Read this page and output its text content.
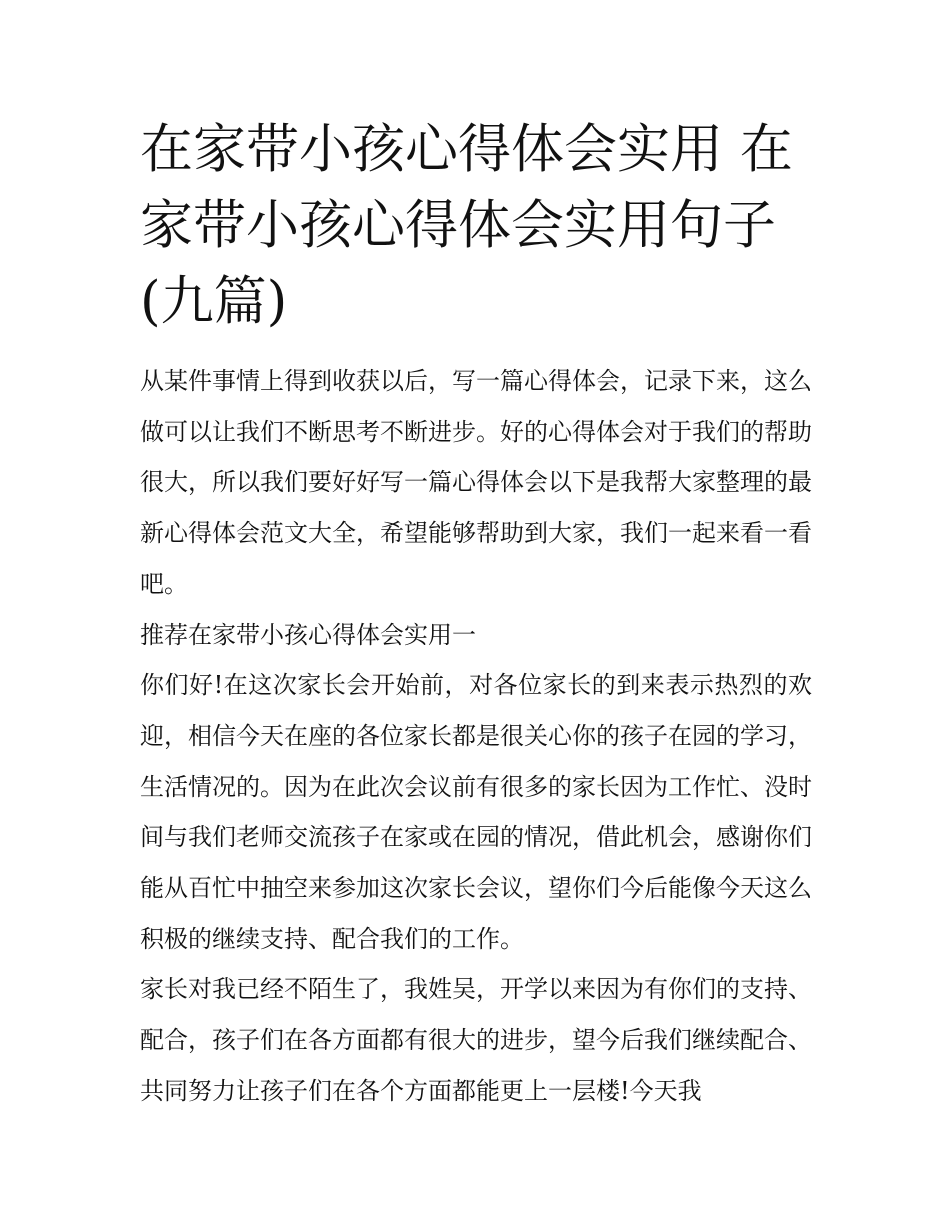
在家带小孩心得体会实用 在家带小孩心得体会实用句子(九篇)

从某件事情上得到收获以后，写一篇心得体会，记录下来，这么做可以让我们不断思考不断进步。好的心得体会对于我们的帮助很大，所以我们要好好写一篇心得体会以下是我帮大家整理的最新心得体会范文大全，希望能够帮助到大家，我们一起来看一看吧。

推荐在家带小孩心得体会实用一

你们好!在这次家长会开始前，对各位家长的到来表示热烈的欢迎，相信今天在座的各位家长都是很关心你的孩子在园的学习，生活情况的。因为在此次会议前有很多的家长因为工作忙、没时间与我们老师交流孩子在家或在园的情况，借此机会，感谢你们能从百忙中抽空来参加这次家长会议，望你们今后能像今天这么积极的继续支持、配合我们的工作。

家长对我已经不陌生了，我姓吴，开学以来因为有你们的支持、配合，孩子们在各方面都有很大的进步，望今后我们继续配合、共同努力让孩子们在各个方面都能更上一层楼!今天我
